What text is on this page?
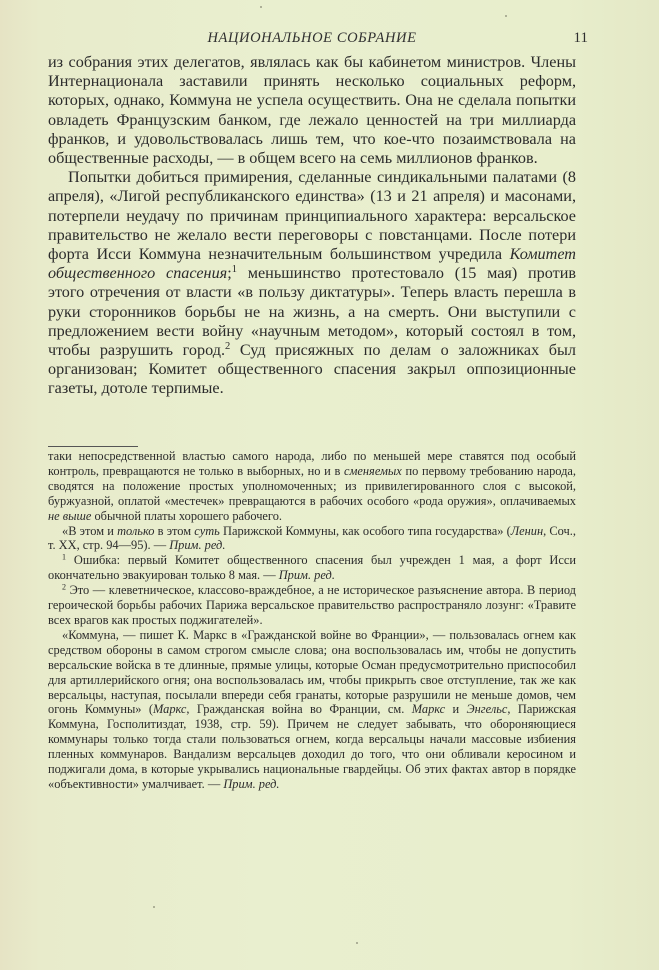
НАЦИОНАЛЬНОЕ СОБРАНИЕ	11

из собрания этих делегатов, являлась как бы кабинетом министров. Члены Интернационала заставили принять несколько социальных реформ, которых, однако, Коммуна не успела осуществить. Она не сделала попытки овладеть Французским банком, где лежало ценностей на три миллиарда франков, и удовольствовалась лишь тем, что кое-что позаимствовала на общественные расходы, — в общем всего на семь миллионов франков.

Попытки добиться примирения, сделанные синдикальными палатами (8 апреля), «Лигой республиканского единства» (13 и 21 апреля) и масонами, потерпели неудачу по причинам принципиального характера: версальское правительство не желало вести переговоры с повстанцами. После потери форта Исси Коммуна незначительным большинством учредила Комитет общественного спасения;$^1$ меньшинство протестовало (15 мая) против этого отречения от власти «в пользу диктатуры». Теперь власть перешла в руки сторонников борьбы не на жизнь, а на смерть. Они выступили с предложением вести войну «научным методом», который состоял в том, чтобы разрушить город.$^2$ Суд присяжных по делам о заложниках был организован; Комитет общественного спасения закрыл оппозиционные газеты, дотоле терпимые.

таки непосредственной властью самого народа, либо по меньшей мере ставятся под особый контроль, превращаются не только в выборных, но и в сменяемых по первому требованию народа, сводятся на положение простых уполномоченных; из привилегированного слоя с высокой, буржуазной, оплатой «местечек» превращаются в рабочих особого «рода оружия», оплачиваемых не выше обычной платы хорошего рабочего.

«В этом и только в этом суть Парижской Коммуны, как особого типа государства» (Ленин, Соч., т. XX, стр. 94—95). — Прим. ред.

$^1$ Ошибка: первый Комитет общественного спасения был учрежден 1 мая, а форт Исси окончательно эвакуирован только 8 мая. — Прим. ред.

$^2$ Это — клеветническое, классово-враждебное, а не историческое разъяснение автора. В период героической борьбы рабочих Парижа версальское правительство распространяло лозунг: «Травите всех врагов как простых поджигателей».

«Коммуна, — пишет К. Маркс в «Гражданской войне во Франции», — пользовалась огнем как средством обороны в самом строгом смысле слова; она воспользовалась им, чтобы не допустить версальские войска в те длинные, прямые улицы, которые Осман предусмотрительно приспособил для артиллерийского огня; она воспользовалась им, чтобы прикрыть свое отступление, так же как версальцы, наступая, посылали впереди себя гранаты, которые разрушили не меньше домов, чем огонь Коммуны» (Маркс, Гражданская война во Франции, см. Маркс и Энгельс, Парижская Коммуна, Госполитиздат, 1938, стр. 59). Причем не следует забывать, что обороняющиеся коммунары только тогда стали пользоваться огнем, когда версальцы начали массовые избиения пленных коммунаров. Вандализм версальцев доходил до того, что они обливали керосином и поджигали дома, в которые укрывались национальные гвардейцы. Об этих фактах автор в порядке «объективности» умалчивает. — Прим. ред.
